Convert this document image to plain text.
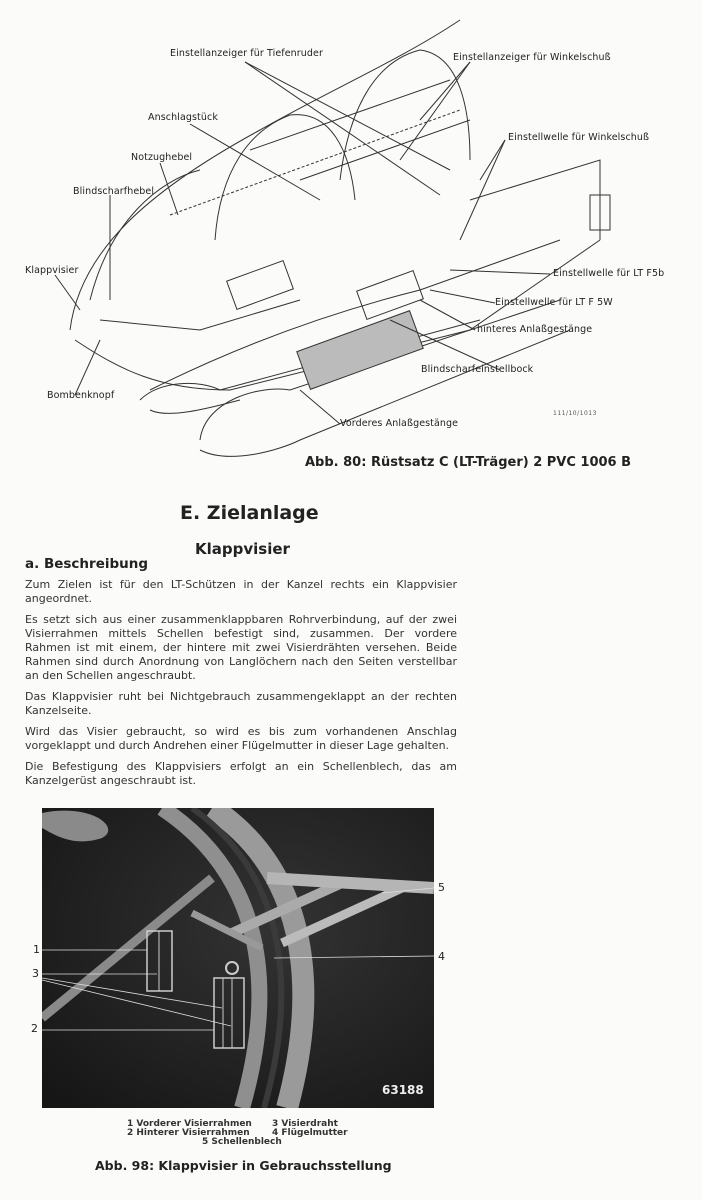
Einstellanzeiger für Tiefenruder	Einstellanzeiger für Winkelschuß
Anschlagstück
Einstellwelle für Winkelschuß
Notzughebel
Blindscharfhebel
Klappvisier	Einstellwelle für LT F5b
Einstellwelle für LT F 5W
hinteres Anlaßgestänge
Blindscharfeinstellbock
Bombenknopf
Vorderes Anlaßgestänge
111/10/1013
Abb. 80: Rüstsatz C (LT-Träger) 2 PVC 1006 B
E. Zielanlage
Klappvisier
a. Beschreibung

Zum Zielen ist für den LT-Schützen in der Kanzel rechts ein Klappvisier angeordnet.

Es setzt sich aus einer zusammenklappbaren Rohrverbindung, auf der zwei Visierrahmen mittels Schellen befestigt sind, zusammen. Der vordere Rahmen ist mit einem, der hintere mit zwei Visierdrähten versehen. Beide Rahmen sind durch Anordnung von Langlöchern nach den Seiten verstellbar an den Schellen angeschraubt.

Das Klappvisier ruht bei Nichtgebrauch zusammengeklappt an der rechten Kanzelseite.

Wird das Visier gebraucht, so wird es bis zum vorhandenen Anschlag vorgeklappt und durch Andrehen einer Flügelmutter in dieser Lage gehalten.

Die Befestigung des Klappvisiers erfolgt an ein Schellenblech, das am Kanzelgerüst angeschraubt ist.

63188
1
2
3
4
5
1 Vorderer Visierrahmen
2 Hinterer Visierrahmen
3 Visierdraht
4 Flügelmutter
5 Schellenblech
Abb. 98: Klappvisier in Gebrauchsstellung
